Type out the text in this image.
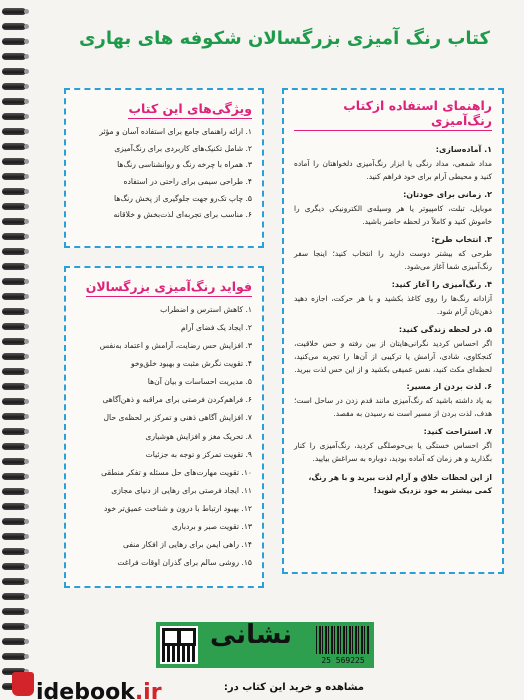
کتاب رنگ آمیزی بزرگسالان شکوفه های بهاری
راهنمای استفاده ازکتاب رنگ‌آمیزی
۱. آماده‌سازی:
مداد شمعی، مداد رنگی یا ابزار رنگ‌آمیزی دلخواهتان را آماده کنید و محیطی آرام برای خود فراهم کنید.
۲. زمانی برای خودتان:
موبایل، تبلت، کامپیوتر یا هر وسیله‌ی الکترونیکی دیگری را خاموش کنید و کاملاً در لحظه حاضر باشید.
۳. انتخاب طرح:
طرحی که بیشتر دوست دارید را انتخاب کنید؛ اینجا سفر رنگ‌آمیزی شما آغاز می‌شود.
۴. رنگ‌آمیزی را آغاز کنید:
آزادانه رنگ‌ها را روی کاغذ بکشید و با هر حرکت، اجازه دهید ذهن‌تان آرام شود.
۵. در لحظه زندگی کنید:
اگر احساس کردید نگرانی‌هایتان از بین رفته و حس خلاقیت، کنجکاوی، شادی، آرامش یا ترکیبی از آن‌ها را تجربه می‌کنید، لحظه‌ای مکث کنید، نفس عمیقی بکشید و از این حس لذت ببرید.
۶. لذت بردن از مسیر:
به یاد داشته باشید که رنگ‌آمیزی مانند قدم زدن در ساحل است؛ هدف، لذت بردن از مسیر است نه رسیدن به مقصد.
۷. استراحت کنید:
اگر احساس خستگی یا بی‌حوصلگی کردید، رنگ‌آمیزی را کنار بگذارید و هر زمان که آماده بودید، دوباره به سراغش بیایید.
از این لحظات خلاق و آرام لذت ببرید و با هر رنگ، کمی بیشتر به خود نزدیک شوید!
ویژگی‌های این کتاب
۱. ارائه راهنمای جامع برای استفاده آسان و مؤثر
۲. شامل تکنیک‌های کاربردی برای رنگ‌آمیزی
۳. همراه با چرخه رنگ و روانشناسی رنگ‌ها
۴. طراحی سیمی برای راحتی در استفاده
۵. چاپ تک‌رو جهت جلوگیری از پخش رنگ‌ها
۶. مناسب برای تجربه‌ای لذت‌بخش و خلاقانه
فواید رنگ‌آمیزی بزرگسالان
۱. کاهش استرس و اضطراب
۲. ایجاد یک فضای آرام
۳. افزایش حس رضایت، آرامش و اعتماد به‌نفس
۴. تقویت نگرش مثبت و بهبود خلق‌وخو
۵. مدیریت احساسات و بیان آن‌ها
۶. فراهم‌کردن فرصتی برای مراقبه و ذهن‌آگاهی
۷. افزایش آگاهی ذهنی و تمرکز بر لحظه‌ی حال
۸. تحریک مغز و افزایش هوشیاری
۹. تقویت تمرکز و توجه به جزئیات
۱۰. تقویت مهارت‌های حل مسئله و تفکر منطقی
۱۱. ایجاد فرصتی برای رهایی از دنیای مجازی
۱۲. بهبود ارتباط با درون و شناخت عمیق‌تر خود
۱۳. تقویت صبر و بردباری
۱۴. راهی ایمن برای رهایی از افکار منفی
۱۵. روشی سالم برای گذران اوقات فراغت
نشانی
25 569225
idebook.ir	مشاهده و خرید این کتاب در:
